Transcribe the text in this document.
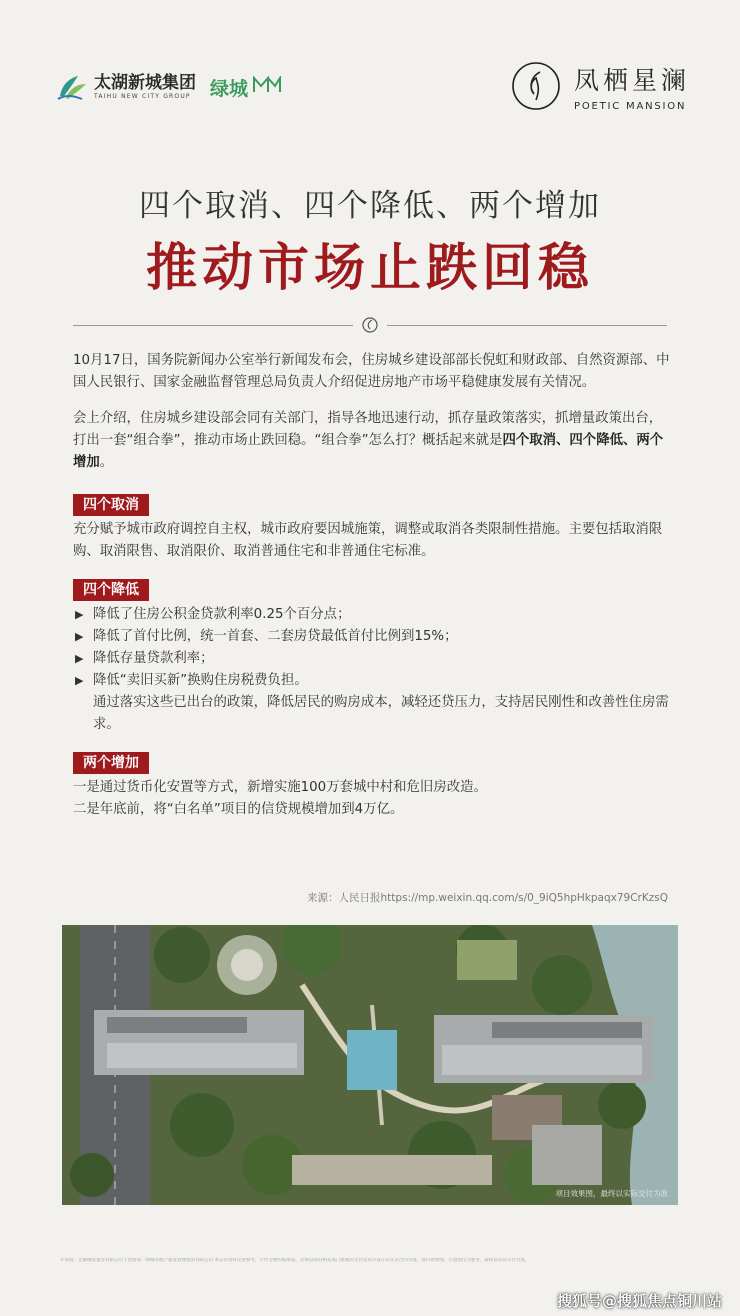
太湖新城集团
TAIHU NEW CITY GROUP 绿城	凤栖星澜
POETIC MANSION
四个取消、四个降低、两个增加
推动市场止跌回稳

10月17日，国务院新闻办公室举行新闻发布会，住房城乡建设部部长倪虹和财政部、自然资源部、中国人民银行、国家金融监督管理总局负责人介绍促进房地产市场平稳健康发展有关情况。

会上介绍，住房城乡建设部会同有关部门，指导各地迅速行动，抓存量政策落实，抓增量政策出台，打出一套“组合拳”，推动市场止跌回稳。“组合拳”怎么打？概括起来就是四个取消、四个降低、两个增加。

四个取消

充分赋予城市政府调控自主权，城市政府要因城施策，调整或取消各类限制性措施。主要包括取消限购、取消限售、取消限价、取消普通住宅和非普通住宅标准。

四个降低
▶ 降低了住房公积金贷款利率0.25个百分点；
▶ 降低了首付比例，统一首套、二套房贷最低首付比例到15%；
▶ 降低存量贷款利率；
▶ 降低“卖旧买新”换购住房税费负担。
通过落实这些已出台的政策，降低居民的购房成本，减轻还贷压力，支持居民刚性和改善性住房需求。
两个增加

一是通过货币化安置等方式，新增实施100万套城中村和危旧房改造。

二是年底前，将“白名单”项目的信贷规模增加到4万亿。

来源：人民日报https://mp.weixin.qq.com/s/0_9iQ5hpHkpaqx79CrKzsQ
项目效果图，最终以实际交付为准
开发商：无锡城发置业有限公司 | 营销商：绿城房地产建设管理集团有限公司 本宣传资料仅供参考，不作为要约或承诺，具体以政府相关部门批准的文件及双方签订的买卖合同为准。项目效果图、示意图仅为参考，最终以实际交付为准。
搜狐号@搜狐焦点铜川站
